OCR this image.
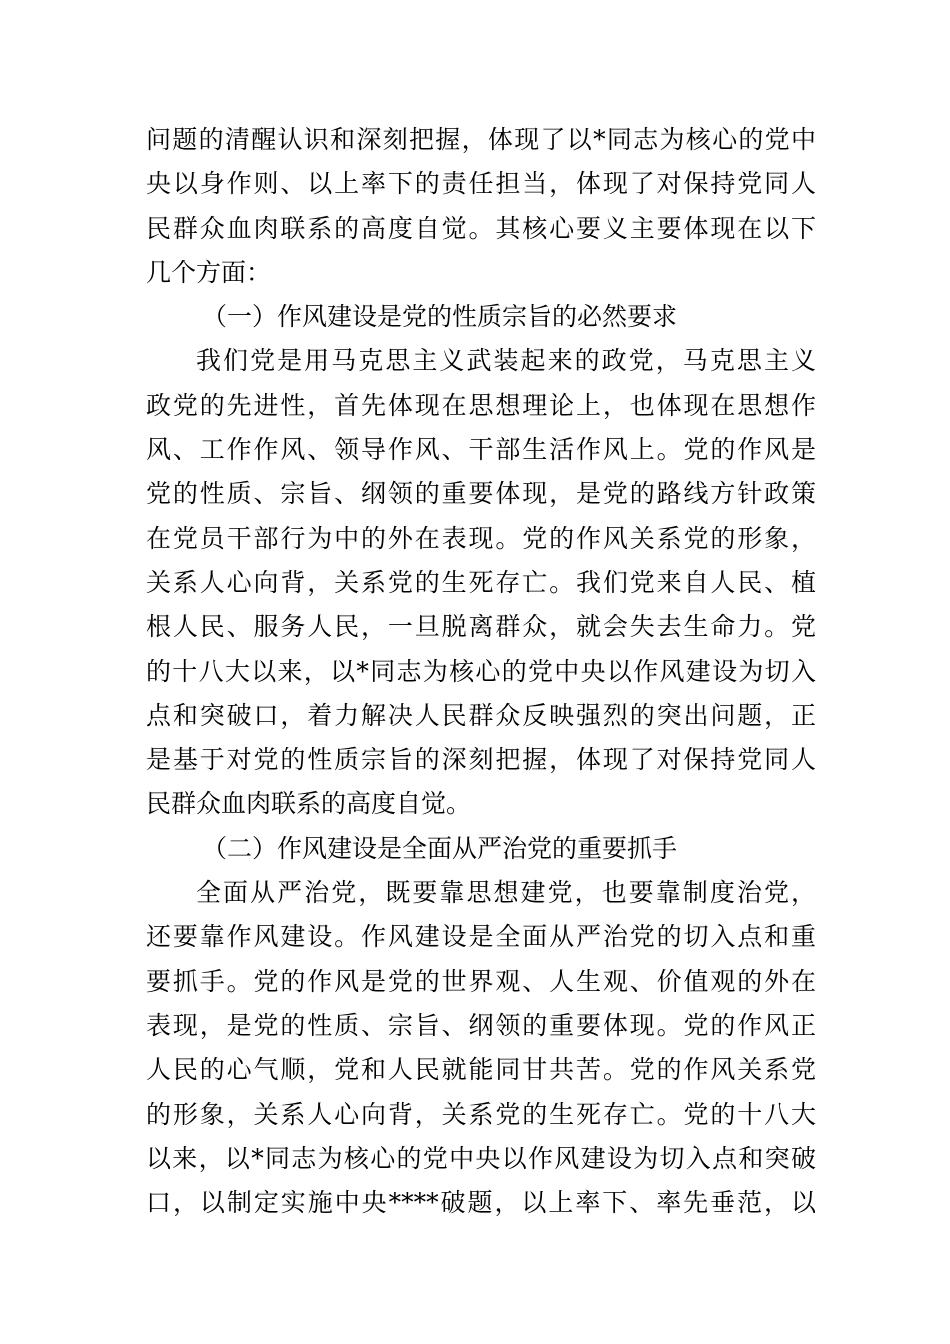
问题的清醒认识和深刻把握，体现了以*同志为核心的党中
央以身作则、以上率下的责任担当，体现了对保持党同人
民群众血肉联系的高度自觉。其核心要义主要体现在以下
几个方面：
（一）作风建设是党的性质宗旨的必然要求
我们党是用马克思主义武装起来的政党，马克思主义
政党的先进性，首先体现在思想理论上，也体现在思想作
风、工作作风、领导作风、干部生活作风上。党的作风是
党的性质、宗旨、纲领的重要体现，是党的路线方针政策
在党员干部行为中的外在表现。党的作风关系党的形象，
关系人心向背，关系党的生死存亡。我们党来自人民、植
根人民、服务人民，一旦脱离群众，就会失去生命力。党
的十八大以来，以*同志为核心的党中央以作风建设为切入
点和突破口，着力解决人民群众反映强烈的突出问题，正
是基于对党的性质宗旨的深刻把握，体现了对保持党同人
民群众血肉联系的高度自觉。
（二）作风建设是全面从严治党的重要抓手
全面从严治党，既要靠思想建党，也要靠制度治党，
还要靠作风建设。作风建设是全面从严治党的切入点和重
要抓手。党的作风是党的世界观、人生观、价值观的外在
表现，是党的性质、宗旨、纲领的重要体现。党的作风正
人民的心气顺，党和人民就能同甘共苦。党的作风关系党
的形象，关系人心向背，关系党的生死存亡。党的十八大
以来，以*同志为核心的党中央以作风建设为切入点和突破
口，以制定实施中央****破题，以上率下、率先垂范，以
